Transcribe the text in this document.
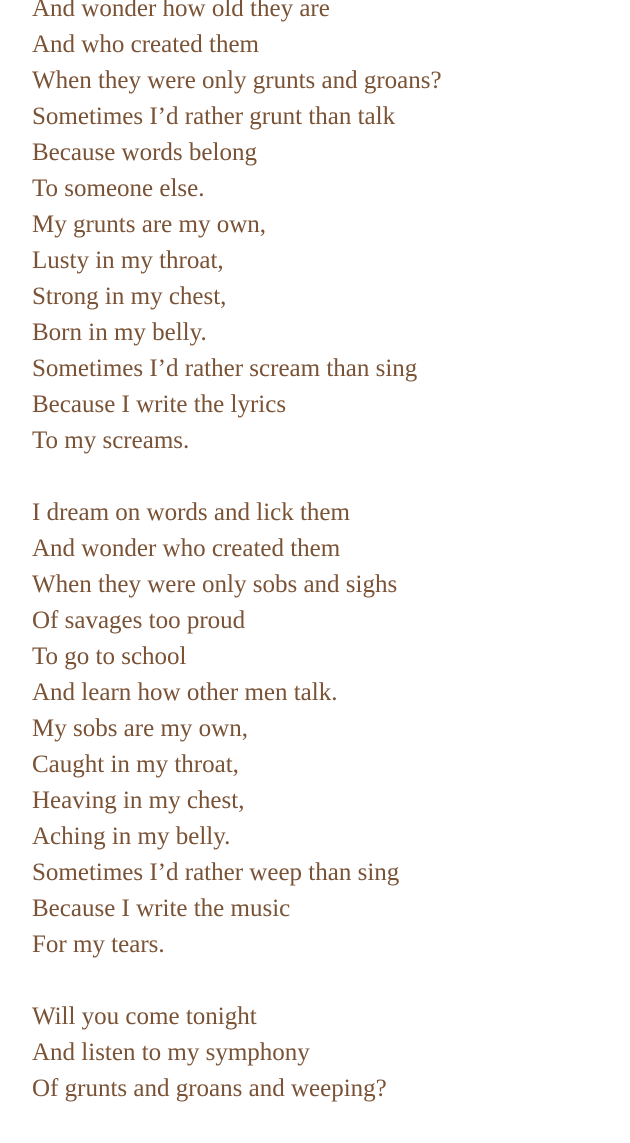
And wonder how old they are
And who created them
When they were only grunts and groans?
Sometimes I’d rather grunt than talk
Because words belong
To someone else.
My grunts are my own,
Lusty in my throat,
Strong in my chest,
Born in my belly.
Sometimes I’d rather scream than sing
Because I write the lyrics
To my screams.
I dream on words and lick them
And wonder who created them
When they were only sobs and sighs
Of savages too proud
To go to school
And learn how other men talk.
My sobs are my own,
Caught in my throat,
Heaving in my chest,
Aching in my belly.
Sometimes I’d rather weep than sing
Because I write the music
For my tears.
Will you come tonight
And listen to my symphony
Of grunts and groans and weeping?
